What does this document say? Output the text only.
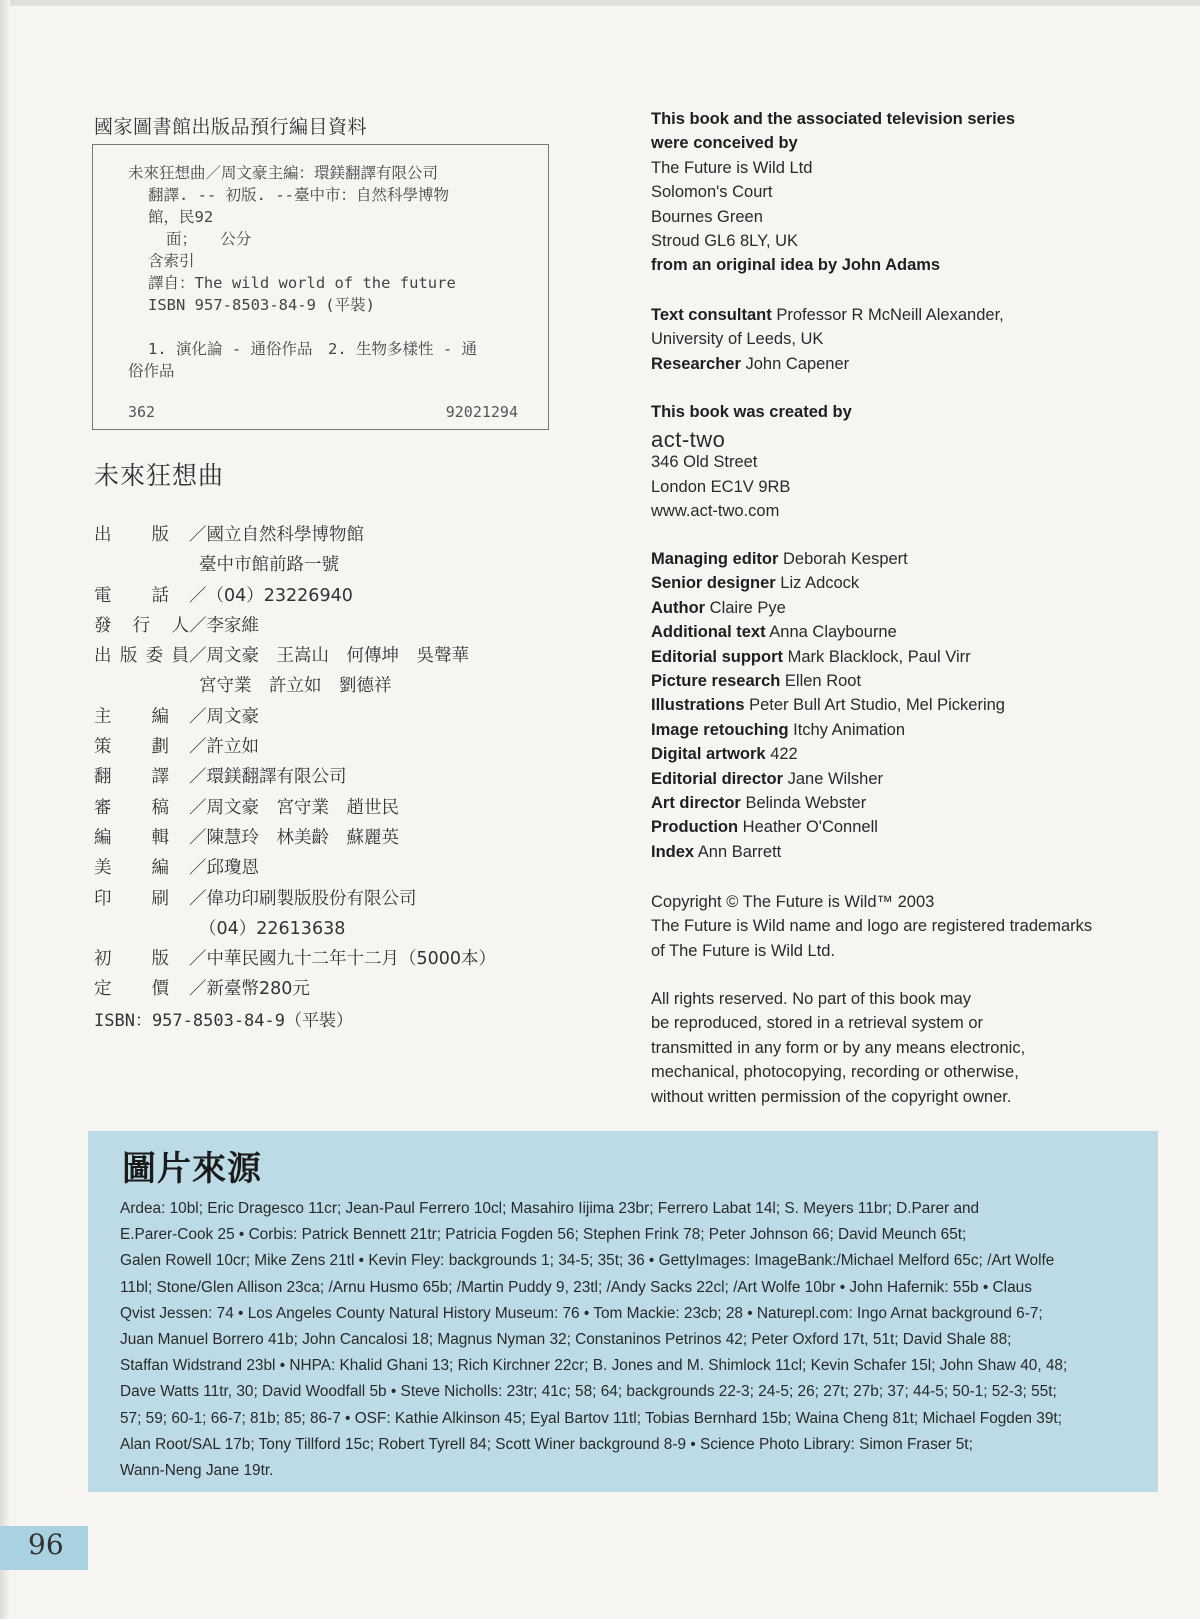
國家圖書館出版品預行編目資料
未來狂想曲／周文豪主編：環鎂翻譯有限公司
翻譯. -- 初版. --臺中市：自然科學博物
館，民92
面；　　公分
含索引
譯自：The wild world of the future
ISBN 957-8503-84-9 (平裝)
1. 演化論 - 通俗作品　2. 生物多樣性 - 通
俗作品
362	92021294
未來狂想曲
出 版 ／國立自然科學博物館
臺中市館前路一號
電 話 ／（04）23226940
發 行 人 ／李家維
出 版 委 員 ／周文豪　王嵩山　何傳坤　吳聲華
宮守業　許立如　劉德祥
主 編 ／周文豪
策 劃 ／許立如
翻 譯 ／環鎂翻譯有限公司
審 稿 ／周文豪　宮守業　趙世民
編 輯 ／陳慧玲　林美齡　蘇麗英
美 編 ／邱瓊恩
印 刷 ／偉功印刷製版股份有限公司
（04）22613638
初 版 ／中華民國九十二年十二月（5000本）
定 價 ／新臺幣280元
ISBN：957-8503-84-9（平裝）
This book and the associated television series
were conceived by
The Future is Wild Ltd
Solomon's Court
Bournes Green
Stroud GL6 8LY, UK
from an original idea by John Adams
Text consultant Professor R McNeill Alexander,
University of Leeds, UK
Researcher John Capener
This book was created by
act-two
346 Old Street
London EC1V 9RB
www.act-two.com
Managing editor Deborah Kespert
Senior designer Liz Adcock
Author Claire Pye
Additional text Anna Claybourne
Editorial support Mark Blacklock, Paul Virr
Picture research Ellen Root
Illustrations Peter Bull Art Studio, Mel Pickering
Image retouching Itchy Animation
Digital artwork 422
Editorial director Jane Wilsher
Art director Belinda Webster
Production Heather O'Connell
Index Ann Barrett
Copyright © The Future is Wild™ 2003
The Future is Wild name and logo are registered trademarks
of The Future is Wild Ltd.
All rights reserved. No part of this book may
be reproduced, stored in a retrieval system or
transmitted in any form or by any means electronic,
mechanical, photocopying, recording or otherwise,
without written permission of the copyright owner.
圖片來源
Ardea: 10bl; Eric Dragesco 11cr; Jean-Paul Ferrero 10cl; Masahiro Iijima 23br; Ferrero Labat 14l; S. Meyers 11br; D.Parer and
E.Parer-Cook 25 • Corbis: Patrick Bennett 21tr; Patricia Fogden 56; Stephen Frink 78; Peter Johnson 66; David Meunch 65t;
Galen Rowell 10cr; Mike Zens 21tl • Kevin Fley: backgrounds 1; 34-5; 35t; 36 • GettyImages: ImageBank:/Michael Melford 65c; /Art Wolfe
11bl; Stone/Glen Allison 23ca; /Arnu Husmo 65b; /Martin Puddy 9, 23tl; /Andy Sacks 22cl; /Art Wolfe 10br • John Hafernik: 55b • Claus
Qvist Jessen: 74 • Los Angeles County Natural History Museum: 76 • Tom Mackie: 23cb; 28 • Naturepl.com: Ingo Arnat background 6-7;
Juan Manuel Borrero 41b; John Cancalosi 18; Magnus Nyman 32; Constaninos Petrinos 42; Peter Oxford 17t, 51t; David Shale 88;
Staffan Widstrand 23bl • NHPA: Khalid Ghani 13; Rich Kirchner 22cr; B. Jones and M. Shimlock 11cl; Kevin Schafer 15l; John Shaw 40, 48;
Dave Watts 11tr, 30; David Woodfall 5b • Steve Nicholls: 23tr; 41c; 58; 64; backgrounds 22-3; 24-5; 26; 27t; 27b; 37; 44-5; 50-1; 52-3; 55t;
57; 59; 60-1; 66-7; 81b; 85; 86-7 • OSF: Kathie Alkinson 45; Eyal Bartov 11tl; Tobias Bernhard 15b; Waina Cheng 81t; Michael Fogden 39t;
Alan Root/SAL 17b; Tony Tillford 15c; Robert Tyrell 84; Scott Winer background 8-9 • Science Photo Library: Simon Fraser 5t;
Wann-Neng Jane 19tr.
96
